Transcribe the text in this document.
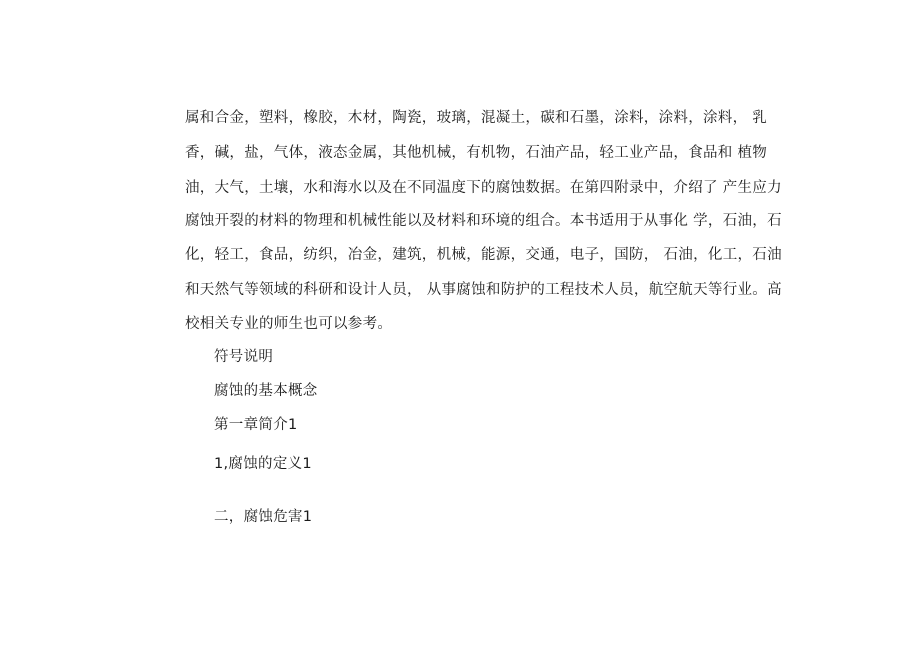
属和合金，塑料，橡胶，木材，陶瓷，玻璃，混凝土，碳和石墨，涂料，涂料，涂料， 乳
香，碱，盐，气体，液态金属，其他机械，有机物，石油产品，轻工业产品，食品和 植物
油，大气，土壤，水和海水以及在不同温度下的腐蚀数据。在第四附录中，介绍了 产生应力
腐蚀开裂的材料的物理和机械性能以及材料和环境的组合。本书适用于从事化 学，石油，石
化，轻工，食品，纺织，冶金，建筑，机械，能源，交通，电子，国防， 石油，化工，石油
和天然气等领域的科研和设计人员， 从事腐蚀和防护的工程技术人员，航空航天等行业。高
校相关专业的师生也可以参考。
符号说明
腐蚀的基本概念
第一章简介1
1,腐蚀的定义1
二，腐蚀危害1
